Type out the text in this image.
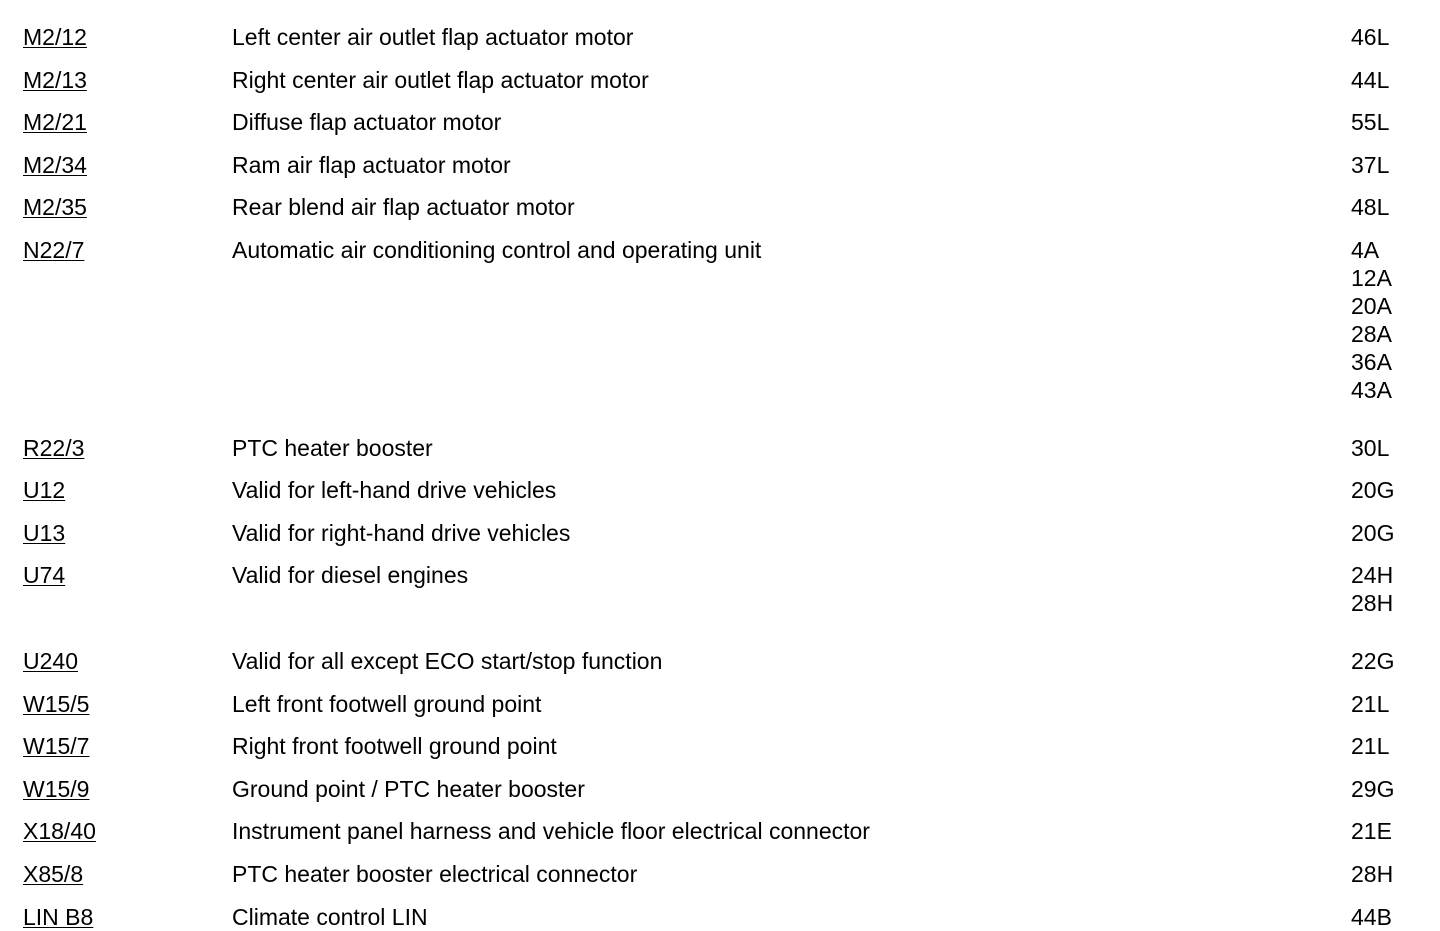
M2/12	Left center air outlet flap actuator motor	46L
M2/13	Right center air outlet flap actuator motor	44L
M2/21	Diffuse flap actuator motor	55L
M2/34	Ram air flap actuator motor	37L
M2/35	Rear blend air flap actuator motor	48L
N22/7	Automatic air conditioning control and operating unit	4A
12A
20A
28A
36A
43A
R22/3	PTC heater booster	30L
U12	Valid for left-hand drive vehicles	20G
U13	Valid for right-hand drive vehicles	20G
U74	Valid for diesel engines	24H
28H
U240	Valid for all except ECO start/stop function	22G
W15/5	Left front footwell ground point	21L
W15/7	Right front footwell ground point	21L
W15/9	Ground point / PTC heater booster	29G
X18/40	Instrument panel harness and vehicle floor electrical connector	21E
X85/8	PTC heater booster electrical connector	28H
LIN B8	Climate control LIN	44B
